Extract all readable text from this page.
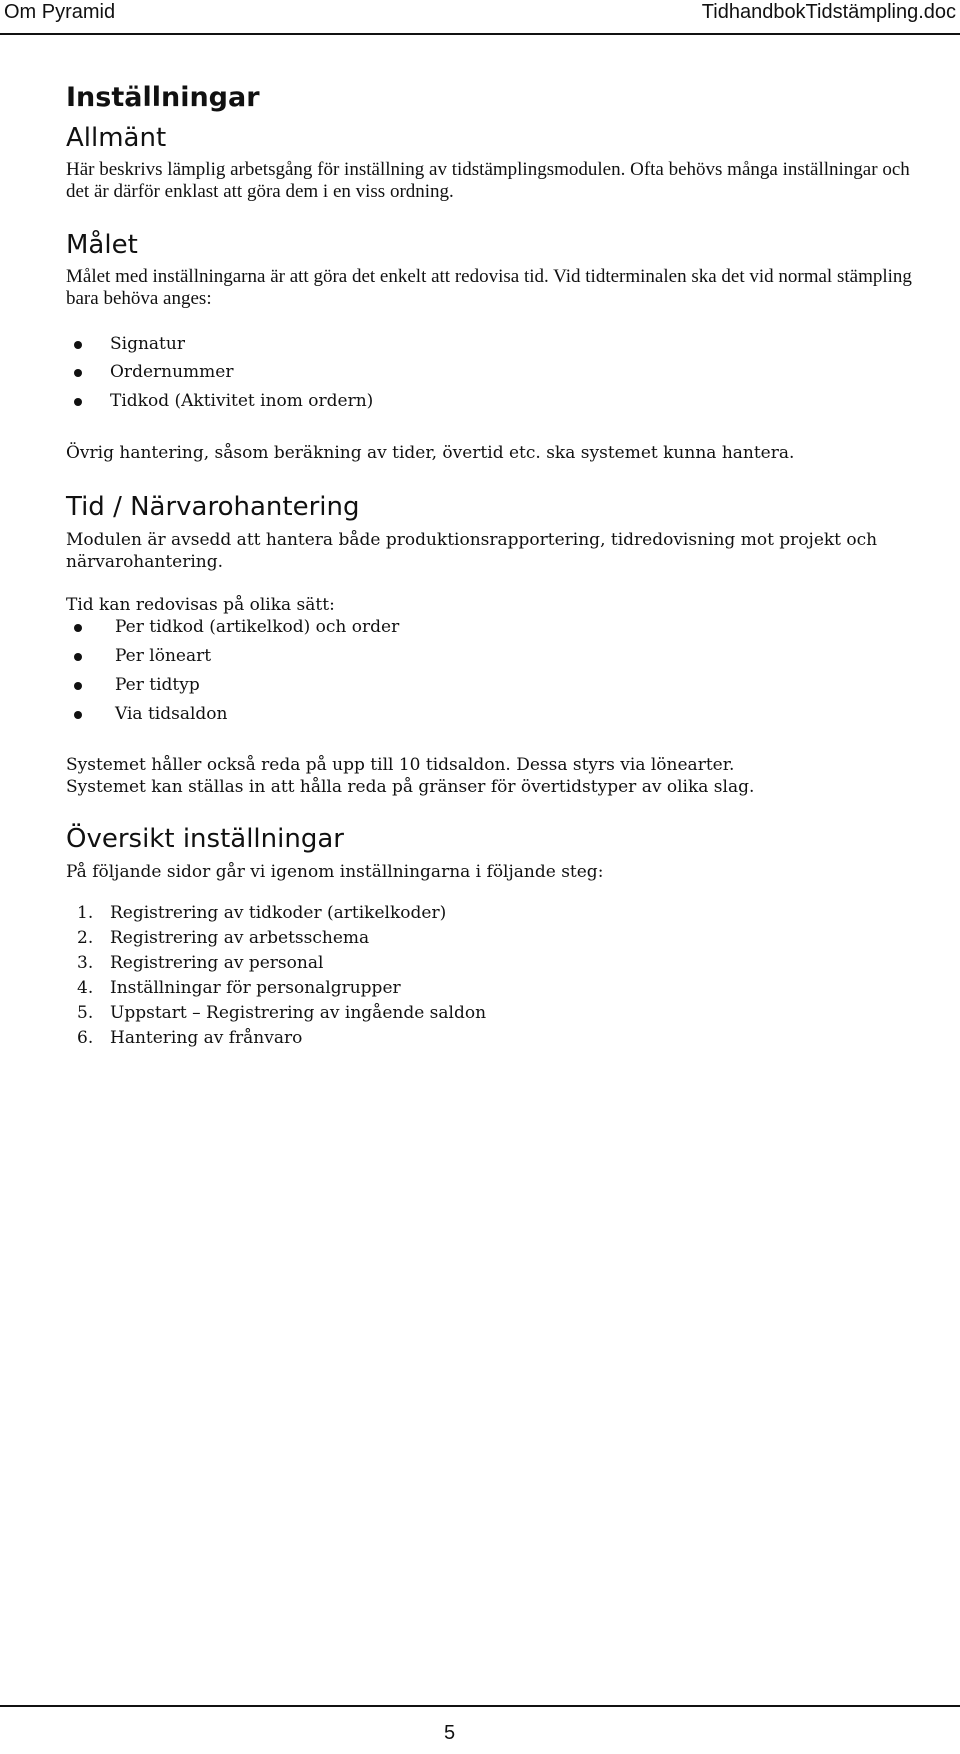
Om Pyramid	TidhandbokTidstämpling.doc
Inställningar
Allmänt
Här beskrivs lämplig arbetsgång för inställning av tidstämplingsmodulen. Ofta behövs många inställningar och det är därför enklast att göra dem i en viss ordning.
Målet
Målet med inställningarna är att göra det enkelt att redovisa tid. Vid tidterminalen ska det vid normal stämpling bara behöva anges:
Signatur
Ordernummer
Tidkod (Aktivitet inom ordern)
Övrig hantering, såsom beräkning av tider, övertid etc. ska systemet kunna hantera.
Tid / Närvarohantering
Modulen är avsedd att hantera både produktionsrapportering, tidredovisning mot projekt och närvarohantering.
Tid kan redovisas på olika sätt:
Per tidkod (artikelkod) och order
Per löneart
Per tidtyp
Via tidsaldon
Systemet håller också reda på upp till 10 tidsaldon. Dessa styrs via lönearter.
Systemet kan ställas in att hålla reda på gränser för övertidstyper av olika slag.
Översikt inställningar
På följande sidor går vi igenom inställningarna i följande steg:
1. Registrering av tidkoder (artikelkoder)
2. Registrering av arbetsschema
3. Registrering av personal
4. Inställningar för personalgrupper
5. Uppstart – Registrering av ingående saldon
6. Hantering av frånvaro
5
